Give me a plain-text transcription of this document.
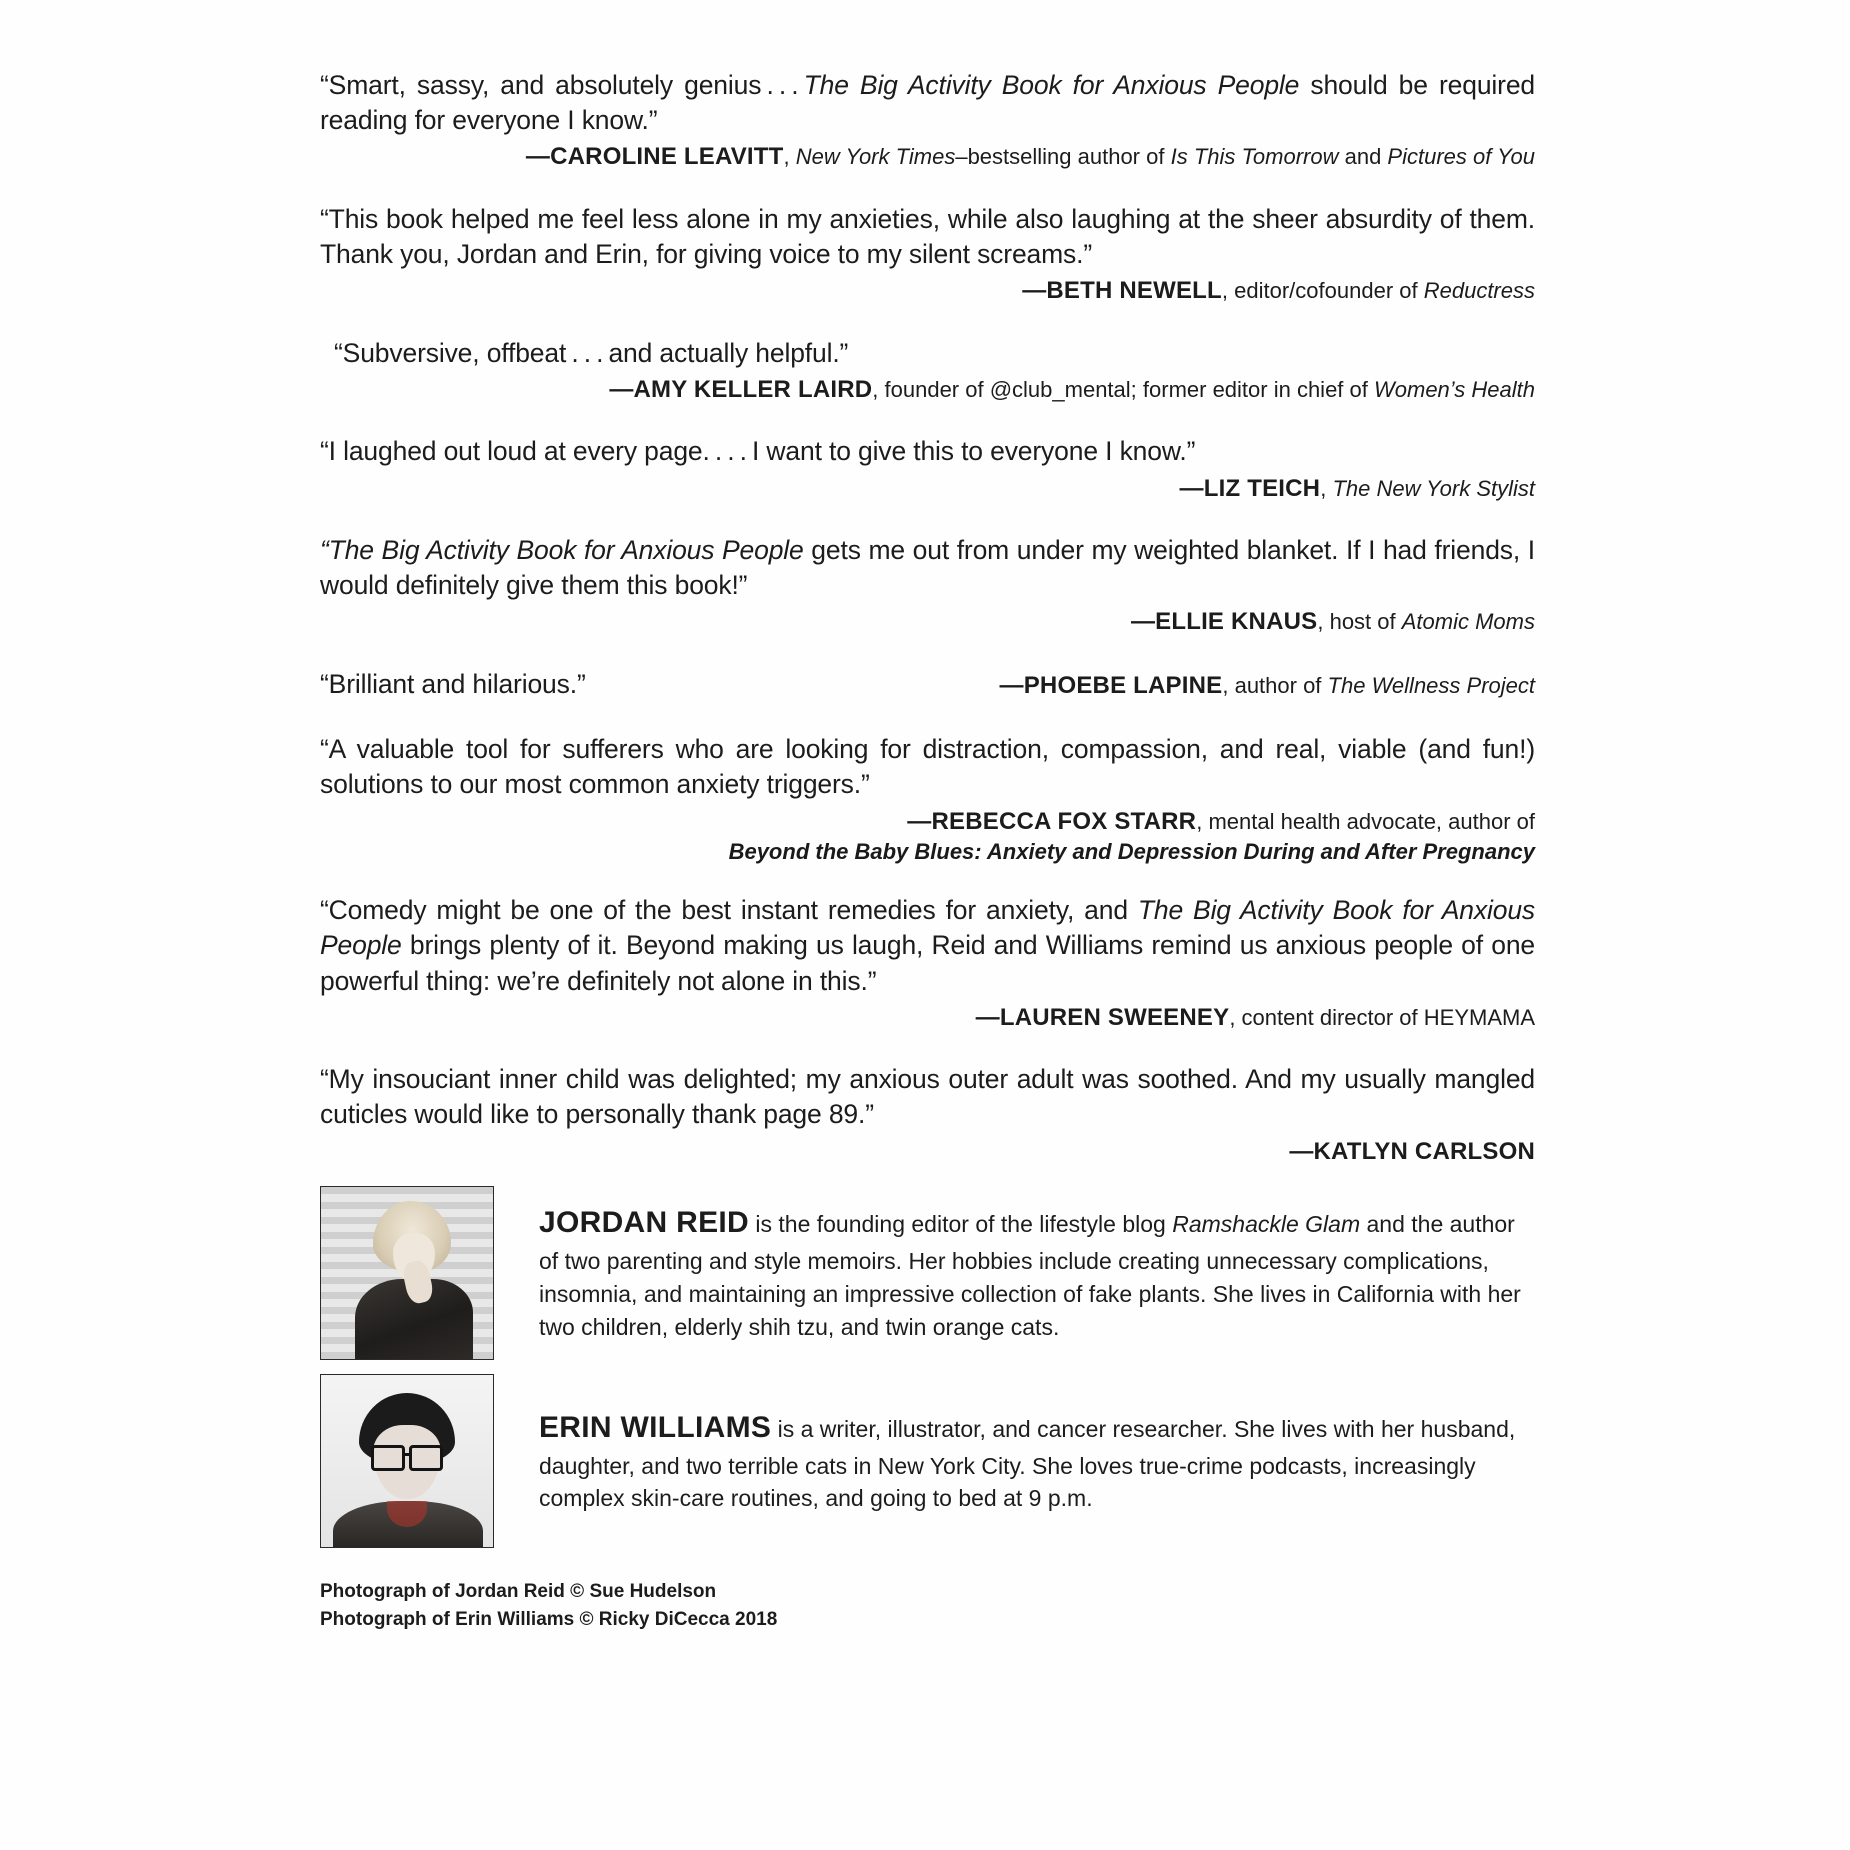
“Smart, sassy, and absolutely genius . . . The Big Activity Book for Anxious People should be required reading for everyone I know.”
—CAROLINE LEAVITT, New York Times–bestselling author of Is This Tomorrow and Pictures of You
“This book helped me feel less alone in my anxieties, while also laughing at the sheer absurdity of them. Thank you, Jordan and Erin, for giving voice to my silent screams.”
—BETH NEWELL, editor/cofounder of Reductress
“Subversive, offbeat . . . and actually helpful.”
—AMY KELLER LAIRD, founder of @club_mental; former editor in chief of Women’s Health
“I laughed out loud at every page. . . . I want to give this to everyone I know.”
—LIZ TEICH, The New York Stylist
“The Big Activity Book for Anxious People gets me out from under my weighted blanket. If I had friends, I would definitely give them this book!”
—ELLIE KNAUS, host of Atomic Moms
“Brilliant and hilarious.”	—PHOEBE LAPINE, author of The Wellness Project
“A valuable tool for sufferers who are looking for distraction, compassion, and real, viable (and fun!) solutions to our most common anxiety triggers.”
—REBECCA FOX STARR, mental health advocate, author of
Beyond the Baby Blues: Anxiety and Depression During and After Pregnancy
“Comedy might be one of the best instant remedies for anxiety, and The Big Activity Book for Anxious People brings plenty of it. Beyond making us laugh, Reid and Williams remind us anxious people of one powerful thing: we’re definitely not alone in this.”
—LAUREN SWEENEY, content director of HEYMAMA
“My insouciant inner child was delighted; my anxious outer adult was soothed. And my usually mangled cuticles would like to personally thank page 89.”
—KATLYN CARLSON
JORDAN REID is the founding editor of the lifestyle blog Ramshackle Glam and the author of two parenting and style memoirs. Her hobbies include creating unnecessary complications, insomnia, and maintaining an impressive collection of fake plants. She lives in California with her two children, elderly shih tzu, and twin orange cats.
ERIN WILLIAMS is a writer, illustrator, and cancer researcher. She lives with her husband, daughter, and two terrible cats in New York City. She loves true-crime podcasts, increasingly complex skin-care routines, and going to bed at 9 p.m.
Photograph of Jordan Reid © Sue Hudelson
Photograph of Erin Williams © Ricky DiCecca 2018
